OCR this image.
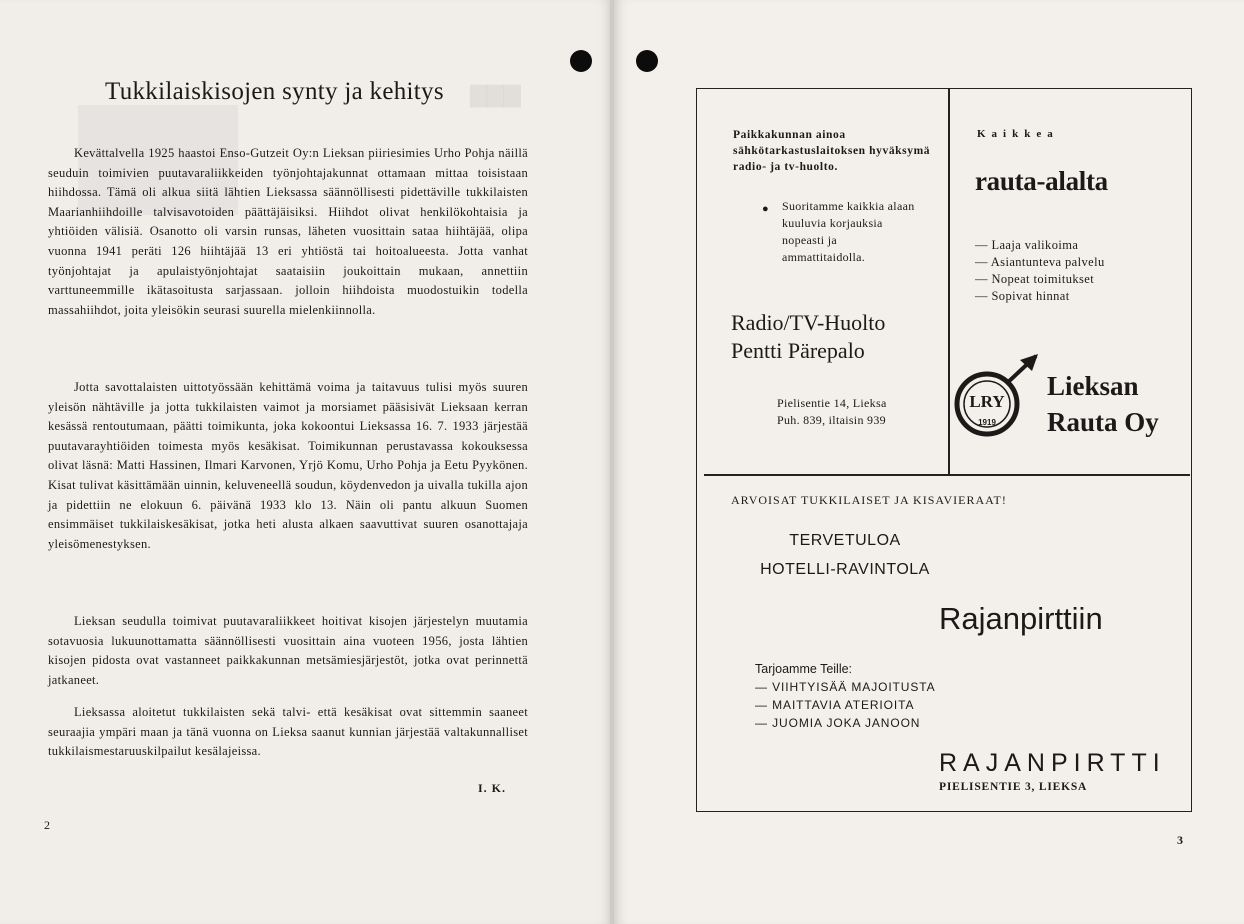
▇▇▇
Tukkilaiskisojen synty ja kehitys

Kevättalvella 1925 haastoi Enso-Gutzeit Oy:n Lieksan piiriesimies Urho Pohja näillä seuduin toimivien puutavaraliikkeiden työnjohtajakunnat ottamaan mittaa toisistaan hiihdossa. Tämä oli alkua siitä lähtien Lieksassa säännöllisesti pidettäville tukkilaisten Maarianhiihdoille talvisavotoiden päättäjäisiksi. Hiihdot olivat henkilökohtaisia ja yhtiöiden välisiä. Osanotto oli varsin runsas, läheten vuosittain sataa hiihtäjää, olipa vuonna 1941 peräti 126 hiihtäjää 13 eri yhtiöstä tai hoitoalueesta. Jotta vanhat työnjohtajat ja apulaistyönjohtajat saataisiin joukoittain mukaan, annettiin varttuneemmille ikätasoitusta sarjassaan. jolloin hiihdoista muodostuikin todella massahiihdot, joita yleisökin seurasi suurella mielenkiinnolla.

Jotta savottalaisten uittotyössään kehittämä voima ja taitavuus tulisi myös suuren yleisön nähtäville ja jotta tukkilaisten vaimot ja morsiamet pääsisivät Lieksaan kerran kesässä rentoutumaan, päätti toimikunta, joka kokoontui Lieksassa 16. 7. 1933 järjestää puutavarayhtiöiden toimesta myös kesäkisat. Toimikunnan perustavassa kokouksessa olivat läsnä: Matti Hassinen, Ilmari Karvonen, Yrjö Komu, Urho Pohja ja Eetu Pyykönen. Kisat tulivat käsittämään uinnin, keluveneellä soudun, köydenvedon ja uivalla tukilla ajon ja pidettiin ne elokuun 6. päivänä 1933 klo 13. Näin oli pantu alkuun Suomen ensimmäiset tukkilaiskesäkisat, jotka heti alusta alkaen saavuttivat suuren osanottajaja yleisömenestyksen.

Lieksan seudulla toimivat puutavaraliikkeet hoitivat kisojen järjestelyn muutamia sotavuosia lukuunottamatta säännöllisesti vuosittain aina vuoteen 1956, josta lähtien kisojen pidosta ovat vastanneet paikkakunnan metsämiesjärjestöt, jotka ovat perinnettä jatkaneet.

Lieksassa aloitetut tukkilaisten sekä talvi- että kesäkisat ovat sittemmin saaneet seuraajia ympäri maan ja tänä vuonna on Lieksa saanut kunnian järjestää valtakunnalliset tukkilaismestaruuskilpailut kesälajeissa.

I. K.
2

Paikkakunnan ainoa sähkötarkastuslaitoksen hyväksymä radio- ja tv-huolto.

● Suoritamme kaikkia alaan kuuluvia korjauksia nopeasti ja ammattitaidolla.

Radio/TV-Huolto
Pentti Pärepalo
Pielisentie 14, Lieksa
Puh. 839, iltaisin 939
Kaikkea
rauta-alalta
— Laaja valikoima
— Asiantunteva palvelu
— Nopeat toimitukset
— Sopivat hinnat
LRY
1919
Lieksan
Rauta Oy
ARVOISAT TUKKILAISET JA KISAVIERAAT!
TERVETULOA
HOTELLI-RAVINTOLA
Rajanpirttiin
Tarjoamme Teille:
— VIIHTYISÄÄ MAJOITUSTA
— MAITTAVIA ATERIOITA
— JUOMIA JOKA JANOON
RAJANPIRTTI
PIELISENTIE 3, LIEKSA
3
